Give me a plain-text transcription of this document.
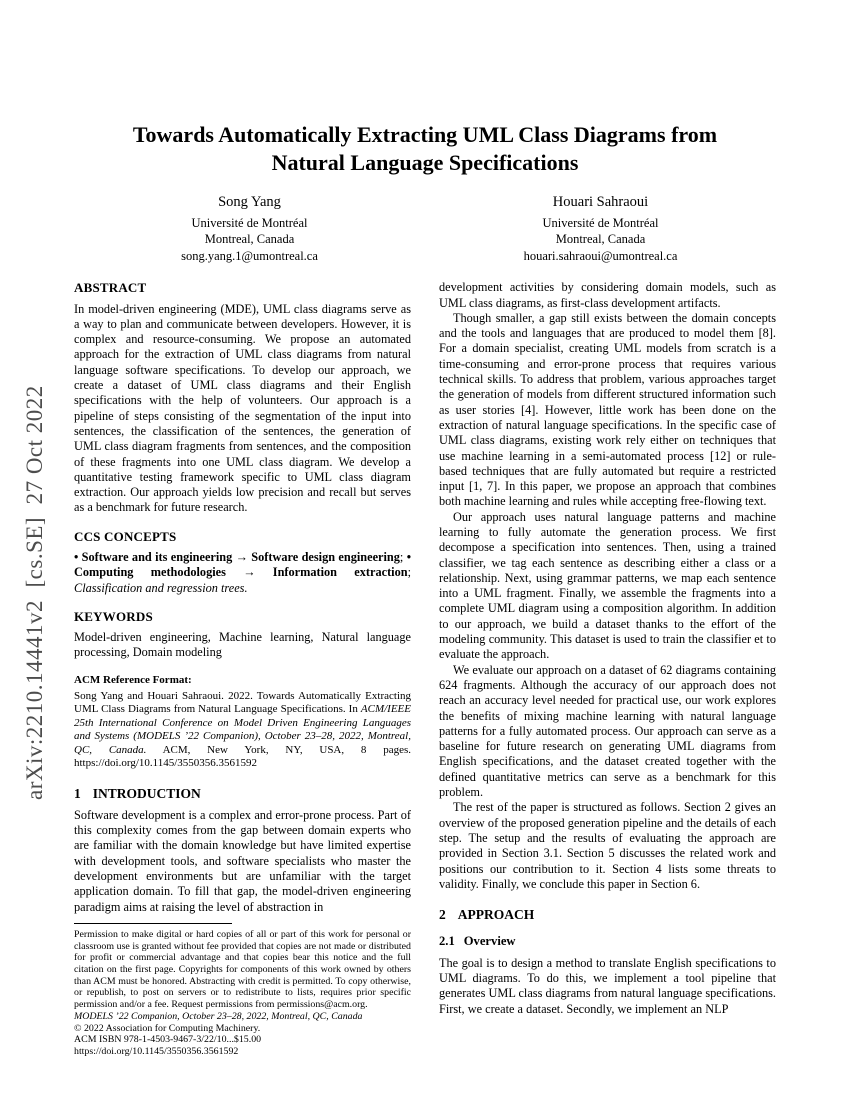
arXiv:2210.14441v2  [cs.SE]  27 Oct 2022
Towards Automatically Extracting UML Class Diagrams from
Natural Language Specifications
Song Yang
Université de Montréal
Montreal, Canada
song.yang.1@umontreal.ca
Houari Sahraoui
Université de Montréal
Montreal, Canada
houari.sahraoui@umontreal.ca
ABSTRACT

In model-driven engineering (MDE), UML class diagrams serve as a way to plan and communicate between developers. However, it is complex and resource-consuming. We propose an automated approach for the extraction of UML class diagrams from natural language software specifications. To develop our approach, we create a dataset of UML class diagrams and their English specifications with the help of volunteers. Our approach is a pipeline of steps consisting of the segmentation of the input into sentences, the classification of the sentences, the generation of UML class diagram fragments from sentences, and the composition of these fragments into one UML class diagram. We develop a quantitative testing framework specific to UML class diagram extraction. Our approach yields low precision and recall but serves as a benchmark for future research.

CCS CONCEPTS

• Software and its engineering → Software design engineering; • Computing methodologies → Information extraction; Classification and regression trees.

KEYWORDS

Model-driven engineering, Machine learning, Natural language processing, Domain modeling

ACM Reference Format:

Song Yang and Houari Sahraoui. 2022. Towards Automatically Extracting UML Class Diagrams from Natural Language Specifications. In ACM/IEEE 25th International Conference on Model Driven Engineering Languages and Systems (MODELS ’22 Companion), October 23–28, 2022, Montreal, QC, Canada. ACM, New York, NY, USA, 8 pages. https://doi.org/10.1145/3550356.3561592

1 INTRODUCTION

Software development is a complex and error-prone process. Part of this complexity comes from the gap between domain experts who are familiar with the domain knowledge but have limited expertise with development tools, and software specialists who master the development environments but are unfamiliar with the target application domain. To fill that gap, the model-driven engineering paradigm aims at raising the level of abstraction in

Permission to make digital or hard copies of all or part of this work for personal or classroom use is granted without fee provided that copies are not made or distributed for profit or commercial advantage and that copies bear this notice and the full citation on the first page. Copyrights for components of this work owned by others than ACM must be honored. Abstracting with credit is permitted. To copy otherwise, or republish, to post on servers or to redistribute to lists, requires prior specific permission and/or a fee. Request permissions from permissions@acm.org.

MODELS ’22 Companion, October 23–28, 2022, Montreal, QC, Canada

© 2022 Association for Computing Machinery.

ACM ISBN 978-1-4503-9467-3/22/10...$15.00

https://doi.org/10.1145/3550356.3561592

development activities by considering domain models, such as UML class diagrams, as first-class development artifacts.

Though smaller, a gap still exists between the domain concepts and the tools and languages that are produced to model them [8]. For a domain specialist, creating UML models from scratch is a time-consuming and error-prone process that requires various technical skills. To address that problem, various approaches target the generation of models from different structured information such as user stories [4]. However, little work has been done on the extraction of natural language specifications. In the specific case of UML class diagrams, existing work rely either on techniques that use machine learning in a semi-automated process [12] or rule-based techniques that are fully automated but require a restricted input [1, 7]. In this paper, we propose an approach that combines both machine learning and rules while accepting free-flowing text.

Our approach uses natural language patterns and machine learning to fully automate the generation process. We first decompose a specification into sentences. Then, using a trained classifier, we tag each sentence as describing either a class or a relationship. Next, using grammar patterns, we map each sentence into a UML fragment. Finally, we assemble the fragments into a complete UML diagram using a composition algorithm. In addition to our approach, we build a dataset thanks to the effort of the modeling community. This dataset is used to train the classifier et to evaluate the approach.

We evaluate our approach on a dataset of 62 diagrams containing 624 fragments. Although the accuracy of our approach does not reach an accuracy level needed for practical use, our work explores the benefits of mixing machine learning with natural language patterns for a fully automated process. Our approach can serve as a baseline for future research on generating UML diagrams from English specifications, and the dataset created together with the defined quantitative metrics can serve as a benchmark for this problem.

The rest of the paper is structured as follows. Section 2 gives an overview of the proposed generation pipeline and the details of each step. The setup and the results of evaluating the approach are provided in Section 3.1. Section 5 discusses the related work and positions our contribution to it. Section 4 lists some threats to validity. Finally, we conclude this paper in Section 6.

2 APPROACH
2.1 Overview

The goal is to design a method to translate English specifications to UML diagrams. To do this, we implement a tool pipeline that generates UML class diagrams from natural language specifications. First, we create a dataset. Secondly, we implement an NLP
